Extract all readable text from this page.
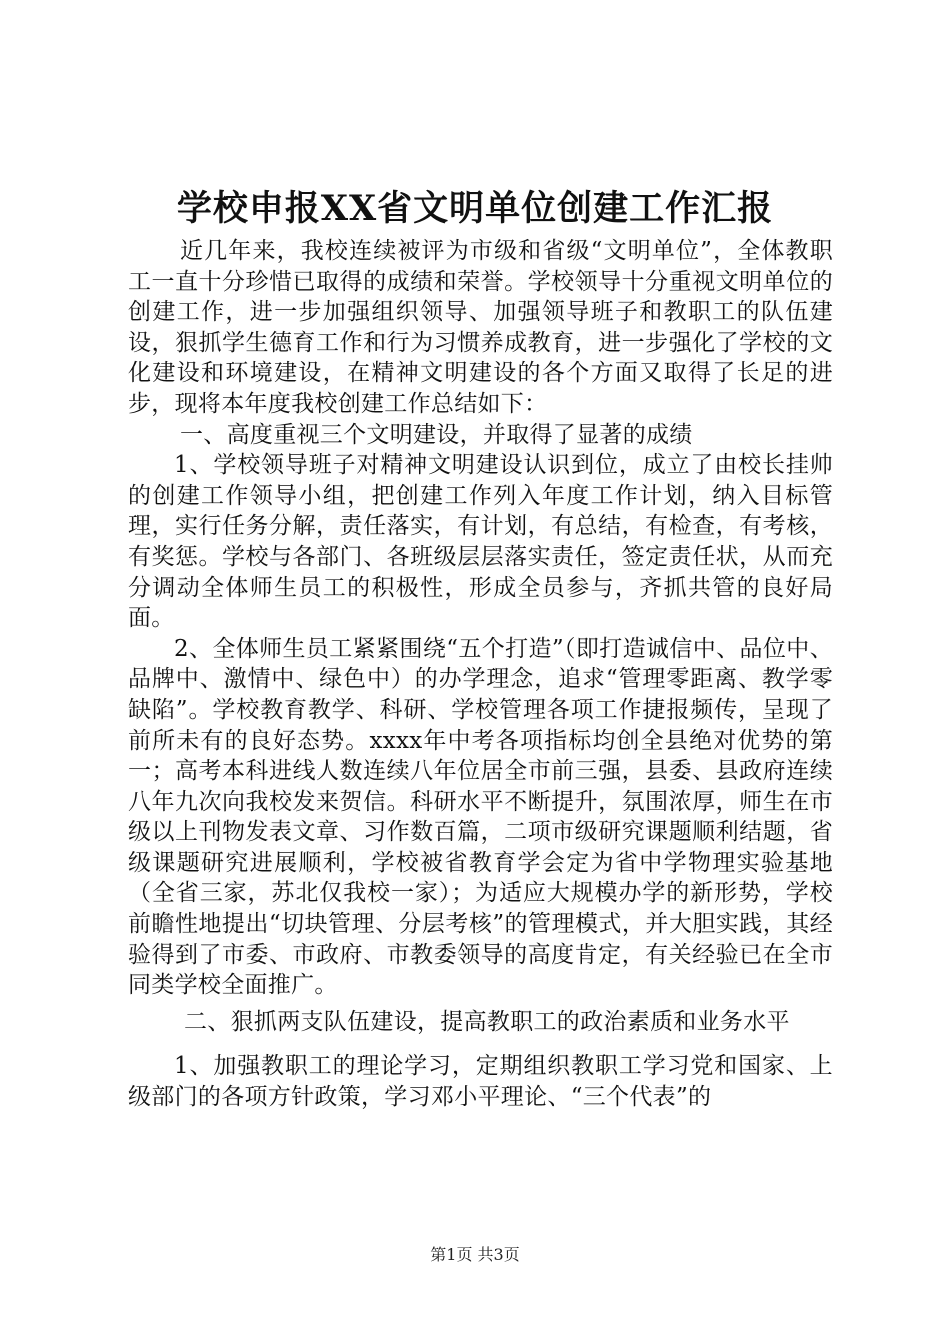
学校申报XX省文明单位创建工作汇报

近几年来，我校连续被评为市级和省级“文明单位”，全体教职工一直十分珍惜已取得的成绩和荣誉。学校领导十分重视文明单位的创建工作，进一步加强组织领导、加强领导班子和教职工的队伍建设，狠抓学生德育工作和行为习惯养成教育，进一步强化了学校的文化建设和环境建设，在精神文明建设的各个方面又取得了长足的进步，现将本年度我校创建工作总结如下：

一、高度重视三个文明建设，并取得了显著的成绩

1、学校领导班子对精神文明建设认识到位，成立了由校长挂帅的创建工作领导小组，把创建工作列入年度工作计划，纳入目标管理，实行任务分解，责任落实，有计划，有总结，有检查，有考核，有奖惩。学校与各部门、各班级层层落实责任，签定责任状，从而充分调动全体师生员工的积极性，形成全员参与，齐抓共管的良好局面。

2、全体师生员工紧紧围绕“五个打造”（即打造诚信中、品位中、品牌中、激情中、绿色中）的办学理念，追求“管理零距离、教学零缺陷”。学校教育教学、科研、学校管理各项工作捷报频传，呈现了前所未有的良好态势。xxxx年中考各项指标均创全县绝对优势的第一；高考本科进线人数连续八年位居全市前三强，县委、县政府连续八年九次向我校发来贺信。科研水平不断提升，氛围浓厚，师生在市级以上刊物发表文章、习作数百篇，二项市级研究课题顺利结题，省级课题研究进展顺利，学校被省教育学会定为省中学物理实验基地（全省三家，苏北仅我校一家）；为适应大规模办学的新形势，学校前瞻性地提出“切块管理、分层考核”的管理模式，并大胆实践，其经验得到了市委、市政府、市教委领导的高度肯定，有关经验已在全市同类学校全面推广。

二、狠抓两支队伍建设，提高教职工的政治素质和业务水平

1、加强教职工的理论学习，定期组织教职工学习党和国家、上级部门的各项方针政策，学习邓小平理论、“三个代表”的

第1页 共3页
